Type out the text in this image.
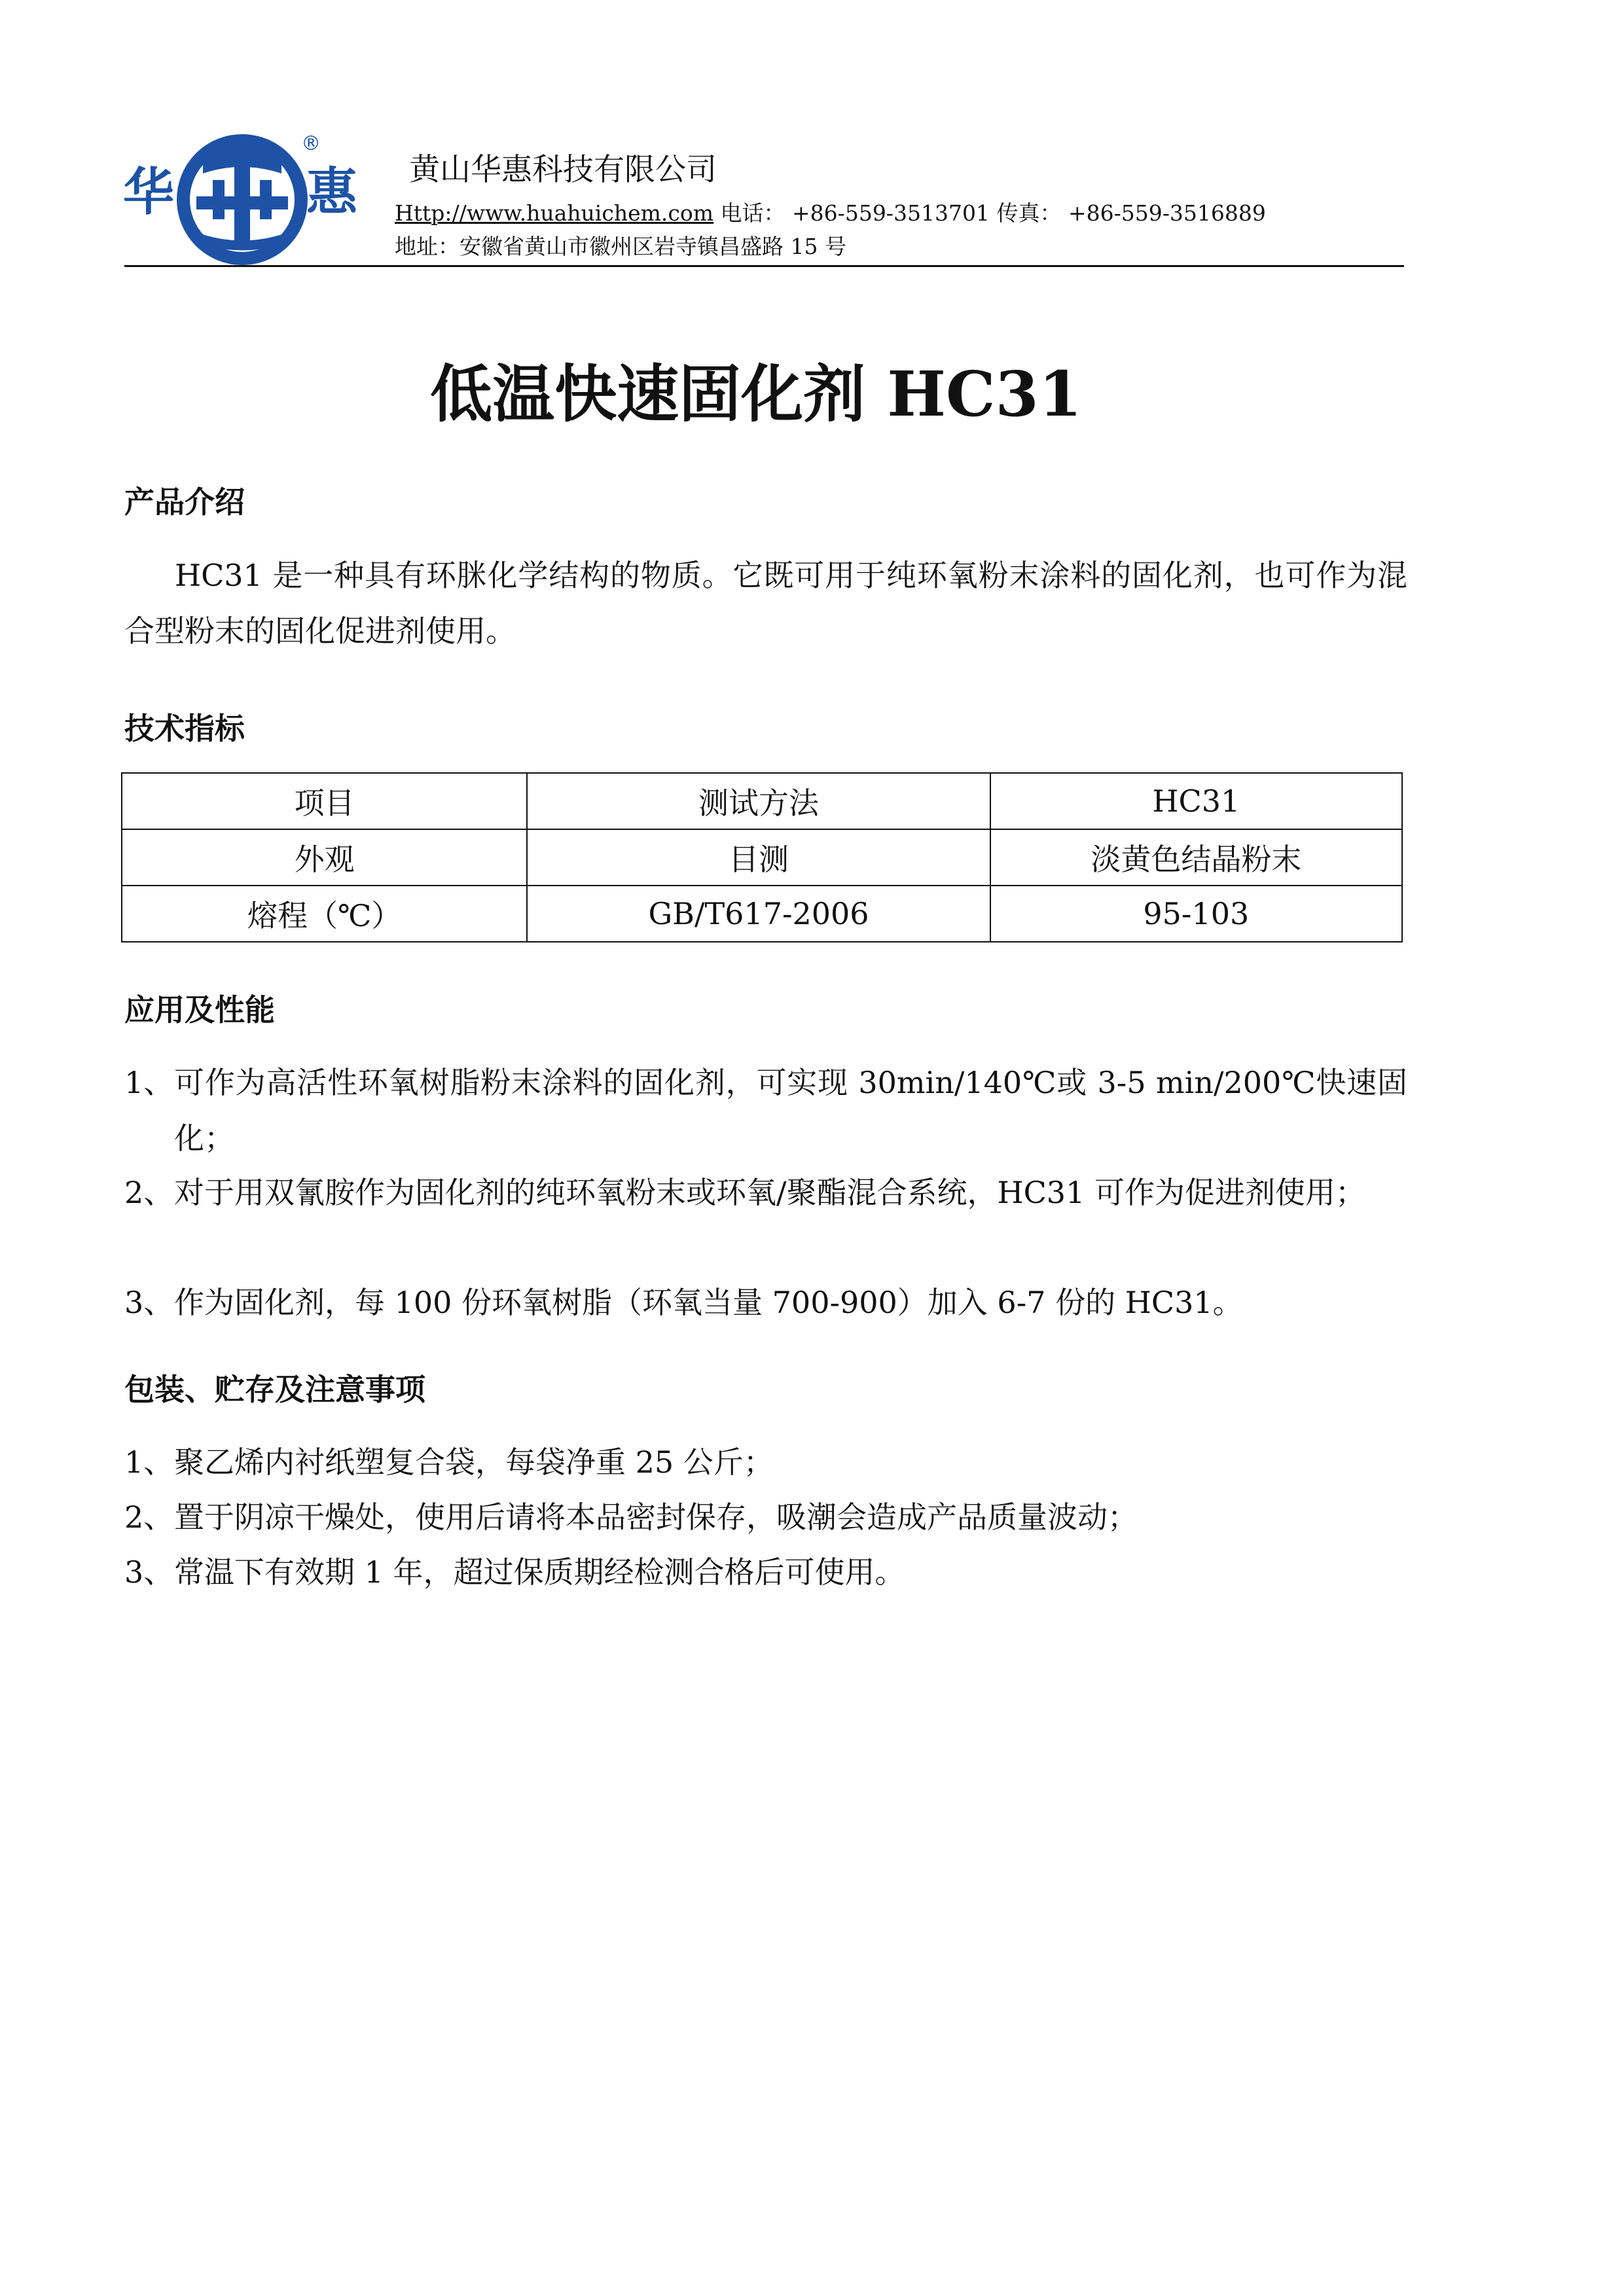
华	惠
®
黄山华惠科技有限公司
Http://www.huahuichem.com 电话： +86-559-3513701 传真： +86-559-3516889
地址：安徽省黄山市徽州区岩寺镇昌盛路 15 号
低温快速固化剂 HC31
产品介绍

HC31 是一种具有环脒化学结构的物质。它既可用于纯环氧粉末涂料的固化剂，也可作为混合型粉末的固化促进剂使用。

技术指标
项目	测试方法	HC31
外观	目测	淡黄色结晶粉末
熔程（℃）	GB/T617-2006	95-103
应用及性能
1、 可作为高活性环氧树脂粉末涂料的固化剂，可实现 30min/140℃或 3-5 min/200℃快速固化；
2、 对于用双氰胺作为固化剂的纯环氧粉末或环氧/聚酯混合系统，HC31 可作为促进剂使用；
3、 作为固化剂，每 100 份环氧树脂（环氧当量 700-900）加入 6-7 份的 HC31。
包装、贮存及注意事项
1、 聚乙烯内衬纸塑复合袋，每袋净重 25 公斤；
2、 置于阴凉干燥处，使用后请将本品密封保存，吸潮会造成产品质量波动；
3、 常温下有效期 1 年，超过保质期经检测合格后可使用。
